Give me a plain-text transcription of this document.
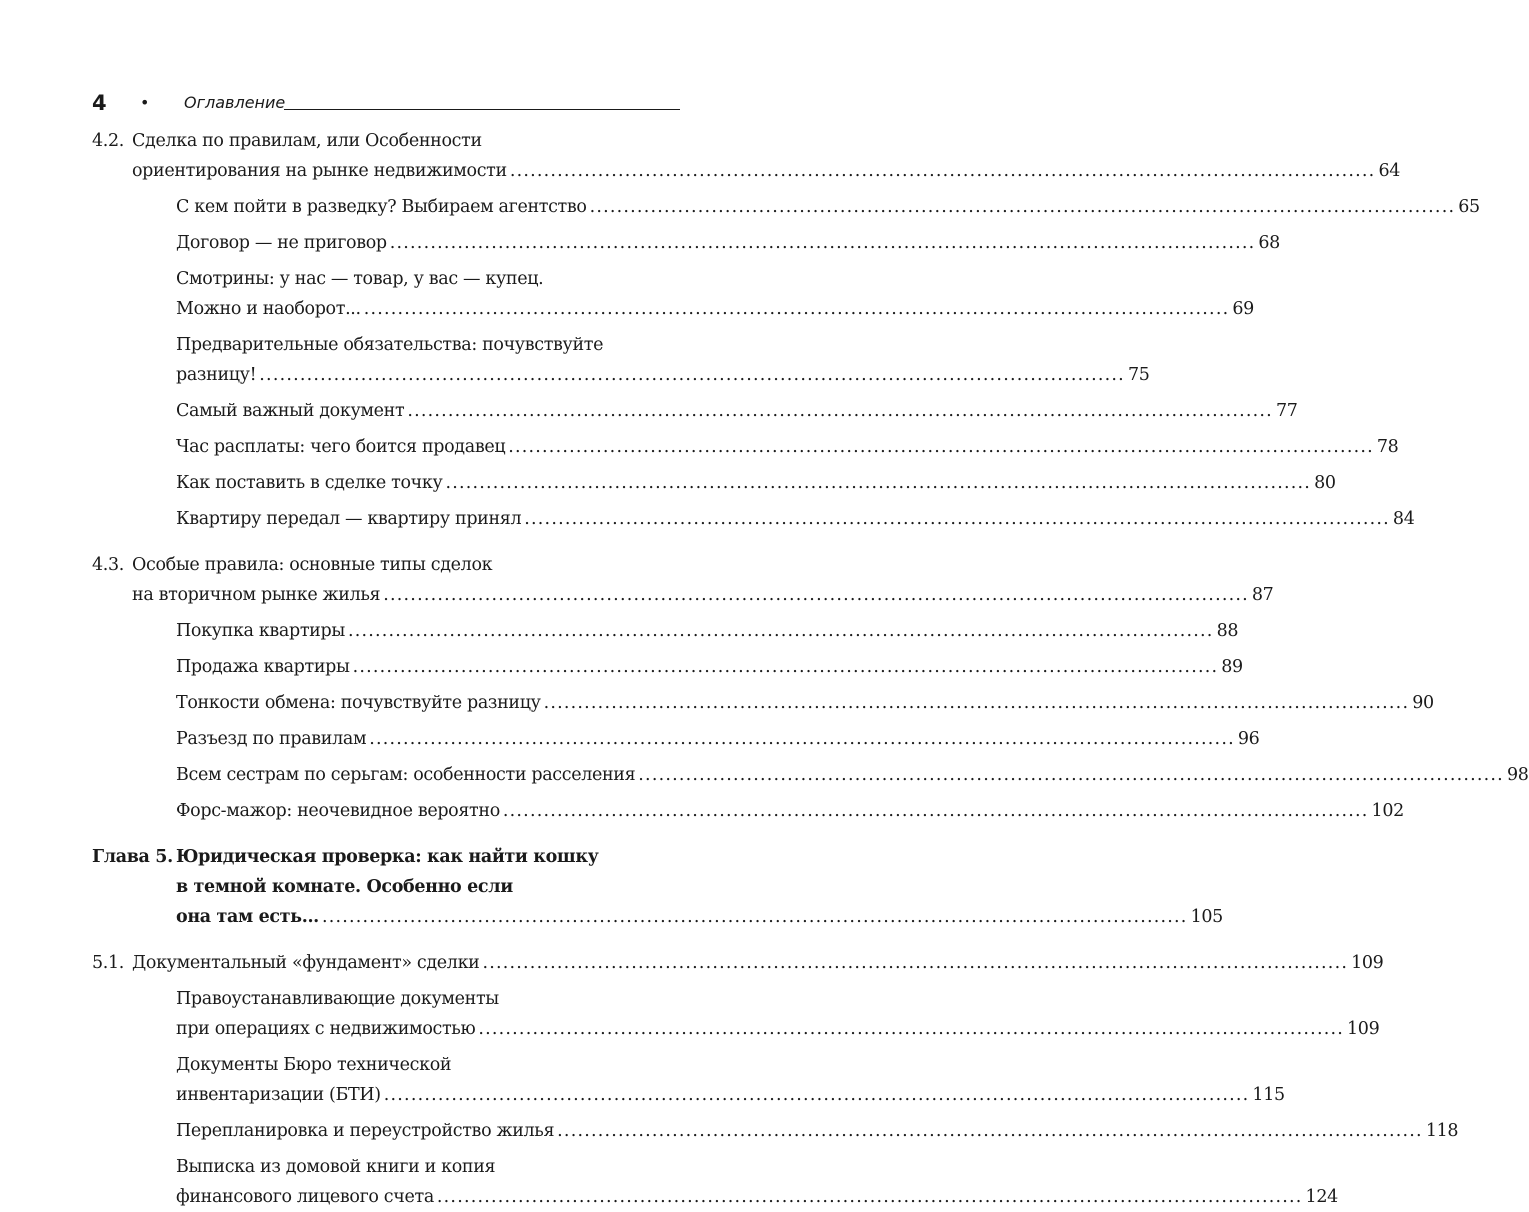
4 • Оглавление
4.2. Сделка по правилам, или Особенности
ориентирования на рынке недвижимости ................................................................................................................................ 64
С кем пойти в разведку? Выбираем агентство ................................................................................................................................ 65
Договор — не приговор ................................................................................................................................ 68
Смотрины: у нас — товар, у вас — купец.
Можно и наоборот... ................................................................................................................................ 69
Предварительные обязательства: почувствуйте
разницу! ................................................................................................................................ 75
Самый важный документ ................................................................................................................................ 77
Час расплаты: чего боится продавец ................................................................................................................................ 78
Как поставить в сделке точку ................................................................................................................................ 80
Квартиру передал — квартиру принял ................................................................................................................................ 84
4.3. Особые правила: основные типы сделок
на вторичном рынке жилья ................................................................................................................................ 87
Покупка квартиры ................................................................................................................................ 88
Продажа квартиры ................................................................................................................................ 89
Тонкости обмена: почувствуйте разницу ................................................................................................................................ 90
Разъезд по правилам ................................................................................................................................ 96
Всем сестрам по серьгам: особенности расселения ................................................................................................................................ 98
Форс-мажор: неочевидное вероятно ................................................................................................................................ 102
Глава 5. Юридическая проверка: как найти кошку
в темной комнате. Особенно если
она там есть... ................................................................................................................................ 105
5.1. Документальный «фундамент» сделки ................................................................................................................................ 109
Правоустанавливающие документы
при операциях с недвижимостью ................................................................................................................................ 109
Документы Бюро технической
инвентаризации (БТИ) ................................................................................................................................ 115
Перепланировка и переустройство жилья ................................................................................................................................ 118
Выписка из домовой книги и копия
финансового лицевого счета ................................................................................................................................ 124
